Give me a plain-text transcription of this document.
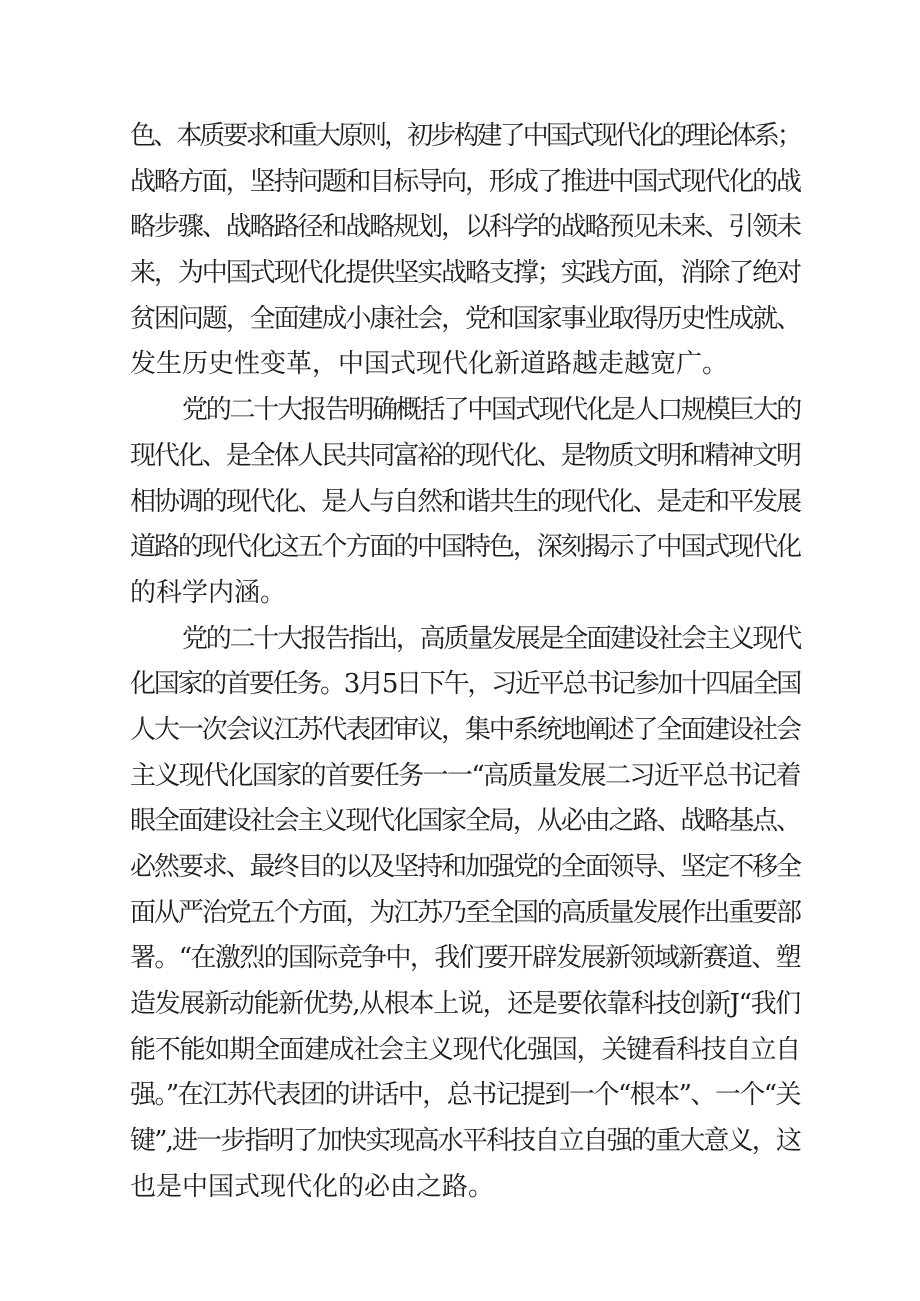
色、本质要求和重大原则，初步构建了中国式现代化的理论体系；
战略方面，坚持问题和目标导向，形成了推进中国式现代化的战
略步骤、战略路径和战略规划，以科学的战略预见未来、引领未
来，为中国式现代化提供坚实战略支撑；实践方面，消除了绝对
贫困问题，全面建成小康社会，党和国家事业取得历史性成就、
发生历史性变革，中国式现代化新道路越走越宽广。
党的二十大报告明确概括了中国式现代化是人口规模巨大的
现代化、是全体人民共同富裕的现代化、是物质文明和精神文明
相协调的现代化、是人与自然和谐共生的现代化、是走和平发展
道路的现代化这五个方面的中国特色，深刻揭示了中国式现代化
的科学内涵。
党的二十大报告指出，高质量发展是全面建设社会主义现代
化国家的首要任务。3月5日下午，习近平总书记参加十四届全国
人大一次会议江苏代表团审议，集中系统地阐述了全面建设社会
主义现代化国家的首要任务一一“高质量发展二习近平总书记着
眼全面建设社会主义现代化国家全局，从必由之路、战略基点、
必然要求、最终目的以及坚持和加强党的全面领导、坚定不移全
面从严治党五个方面，为江苏乃至全国的高质量发展作出重要部
署。“在激烈的国际竞争中，我们要开辟发展新领域新赛道、塑
造发展新动能新优势,从根本上说，还是要依靠科技创新J“我们
能不能如期全面建成社会主义现代化强国，关键看科技自立自
强。”在江苏代表团的讲话中，总书记提到一个“根本”、一个“关
键”,进一步指明了加快实现高水平科技自立自强的重大意义，这
也是中国式现代化的必由之路。
